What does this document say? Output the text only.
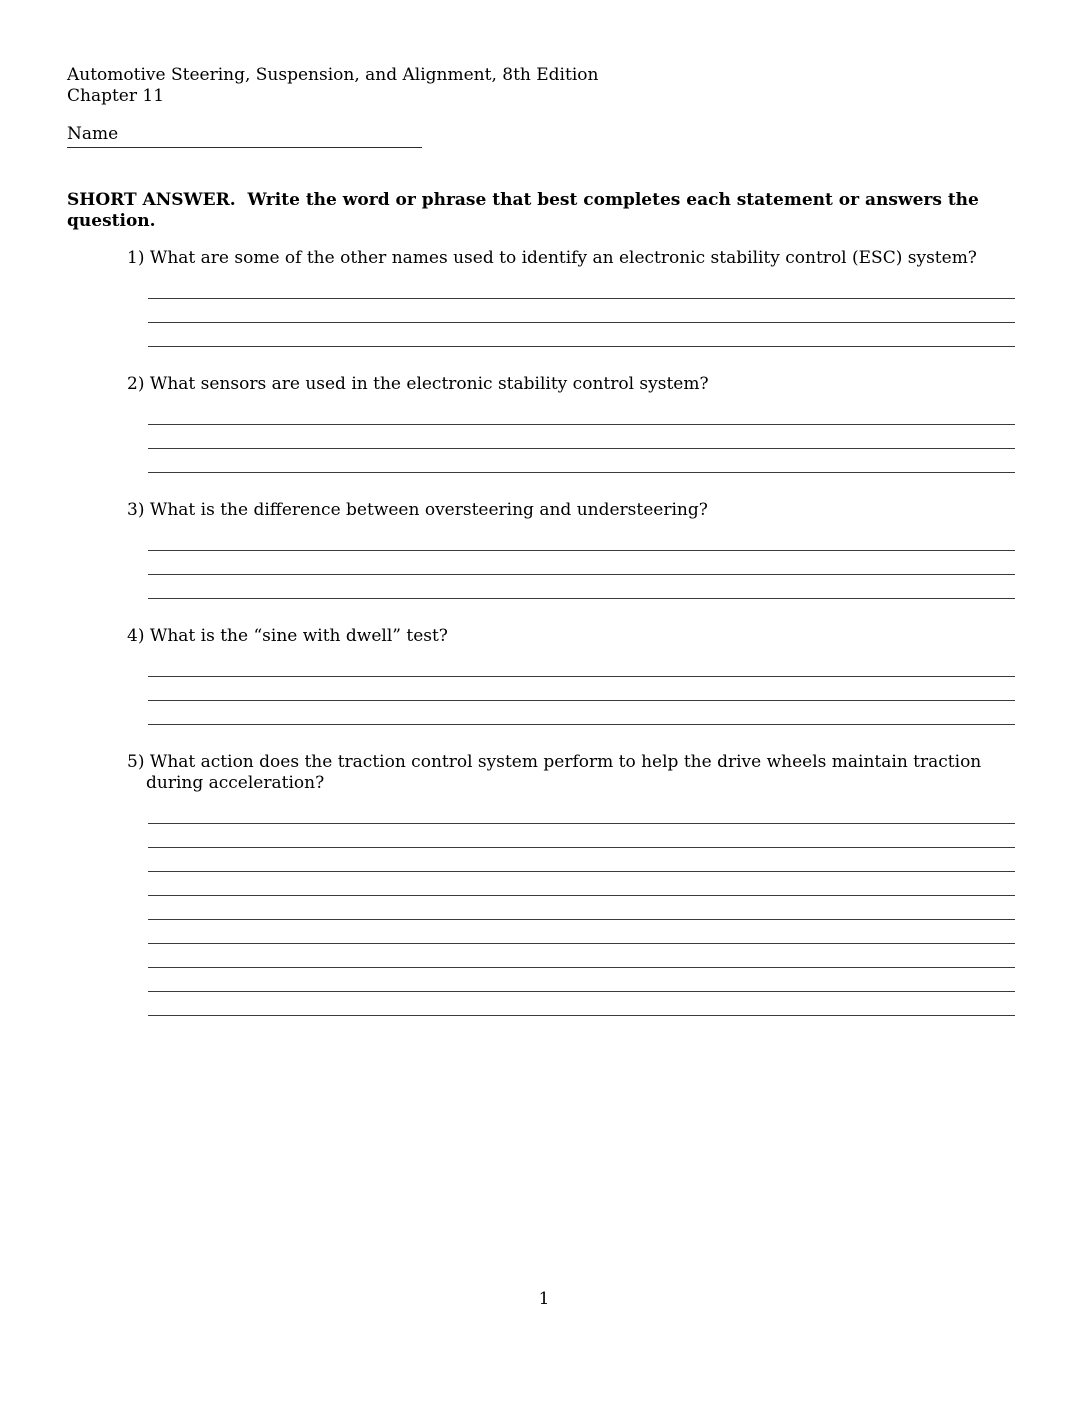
Automotive Steering, Suspension, and Alignment, 8th Edition
Chapter 11
Name
SHORT ANSWER.  Write the word or phrase that best completes each statement or answers the question.
1) What are some of the other names used to identify an electronic stability control (ESC) system?
2) What sensors are used in the electronic stability control system?
3) What is the difference between oversteering and understeering?
4) What is the “sine with dwell” test?
5) What action does the traction control system perform to help the drive wheels maintain traction during acceleration?
1
